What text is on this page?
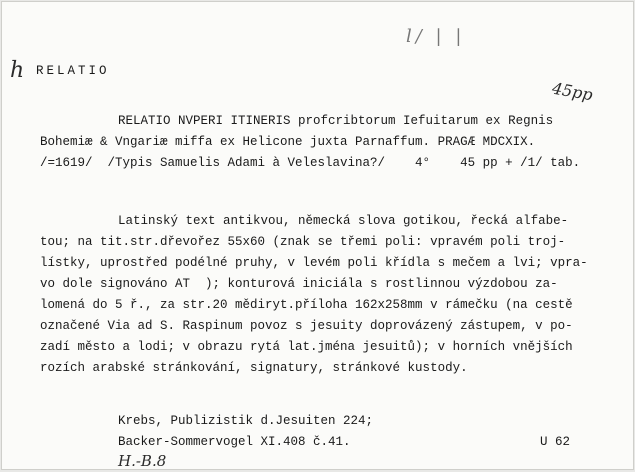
h RELATIO
l/ | |
45pp
RELATIO NVPERI ITINERIS profcribtorum Iefuitarum ex Regnis
Bohemiæ & Vngariæ miffa ex Helicone juxta Parnaffum. PRAGÆ MDCXIX.
/=1619/  /Typis Samuelis Adami à Veleslavina?/    4°    45 pp + /1/ tab.
Latinský text antikvou, německá slova gotikou, řecká alfabe-
tou; na tit.str.dřevořez 55x60 (znak se třemi poli: vpravém poli troj-
lístky, uprostřed podélné pruhy, v levém poli křídla s mečem a lvi; vpra-
vo dole signováno AT  ); konturová iniciála s rostlinnou výzdobou za-
lomená do 5 ř., za str.20 mědiryt.příloha 162x258mm v rámečku (na cestě
označené Via ad S. Raspinum povoz s jesuity doprovázený zástupem, v po-
zadí město a lodi; v obrazu rytá lat.jména jesuitů); v horních vnějších
rozích arabské stránkování, signatury, stránkové kustody.
Krebs, Publizistik d.Jesuiten 224;
Backer-Sommervogel XI.408 č.41.	U 62
H.-B.8
